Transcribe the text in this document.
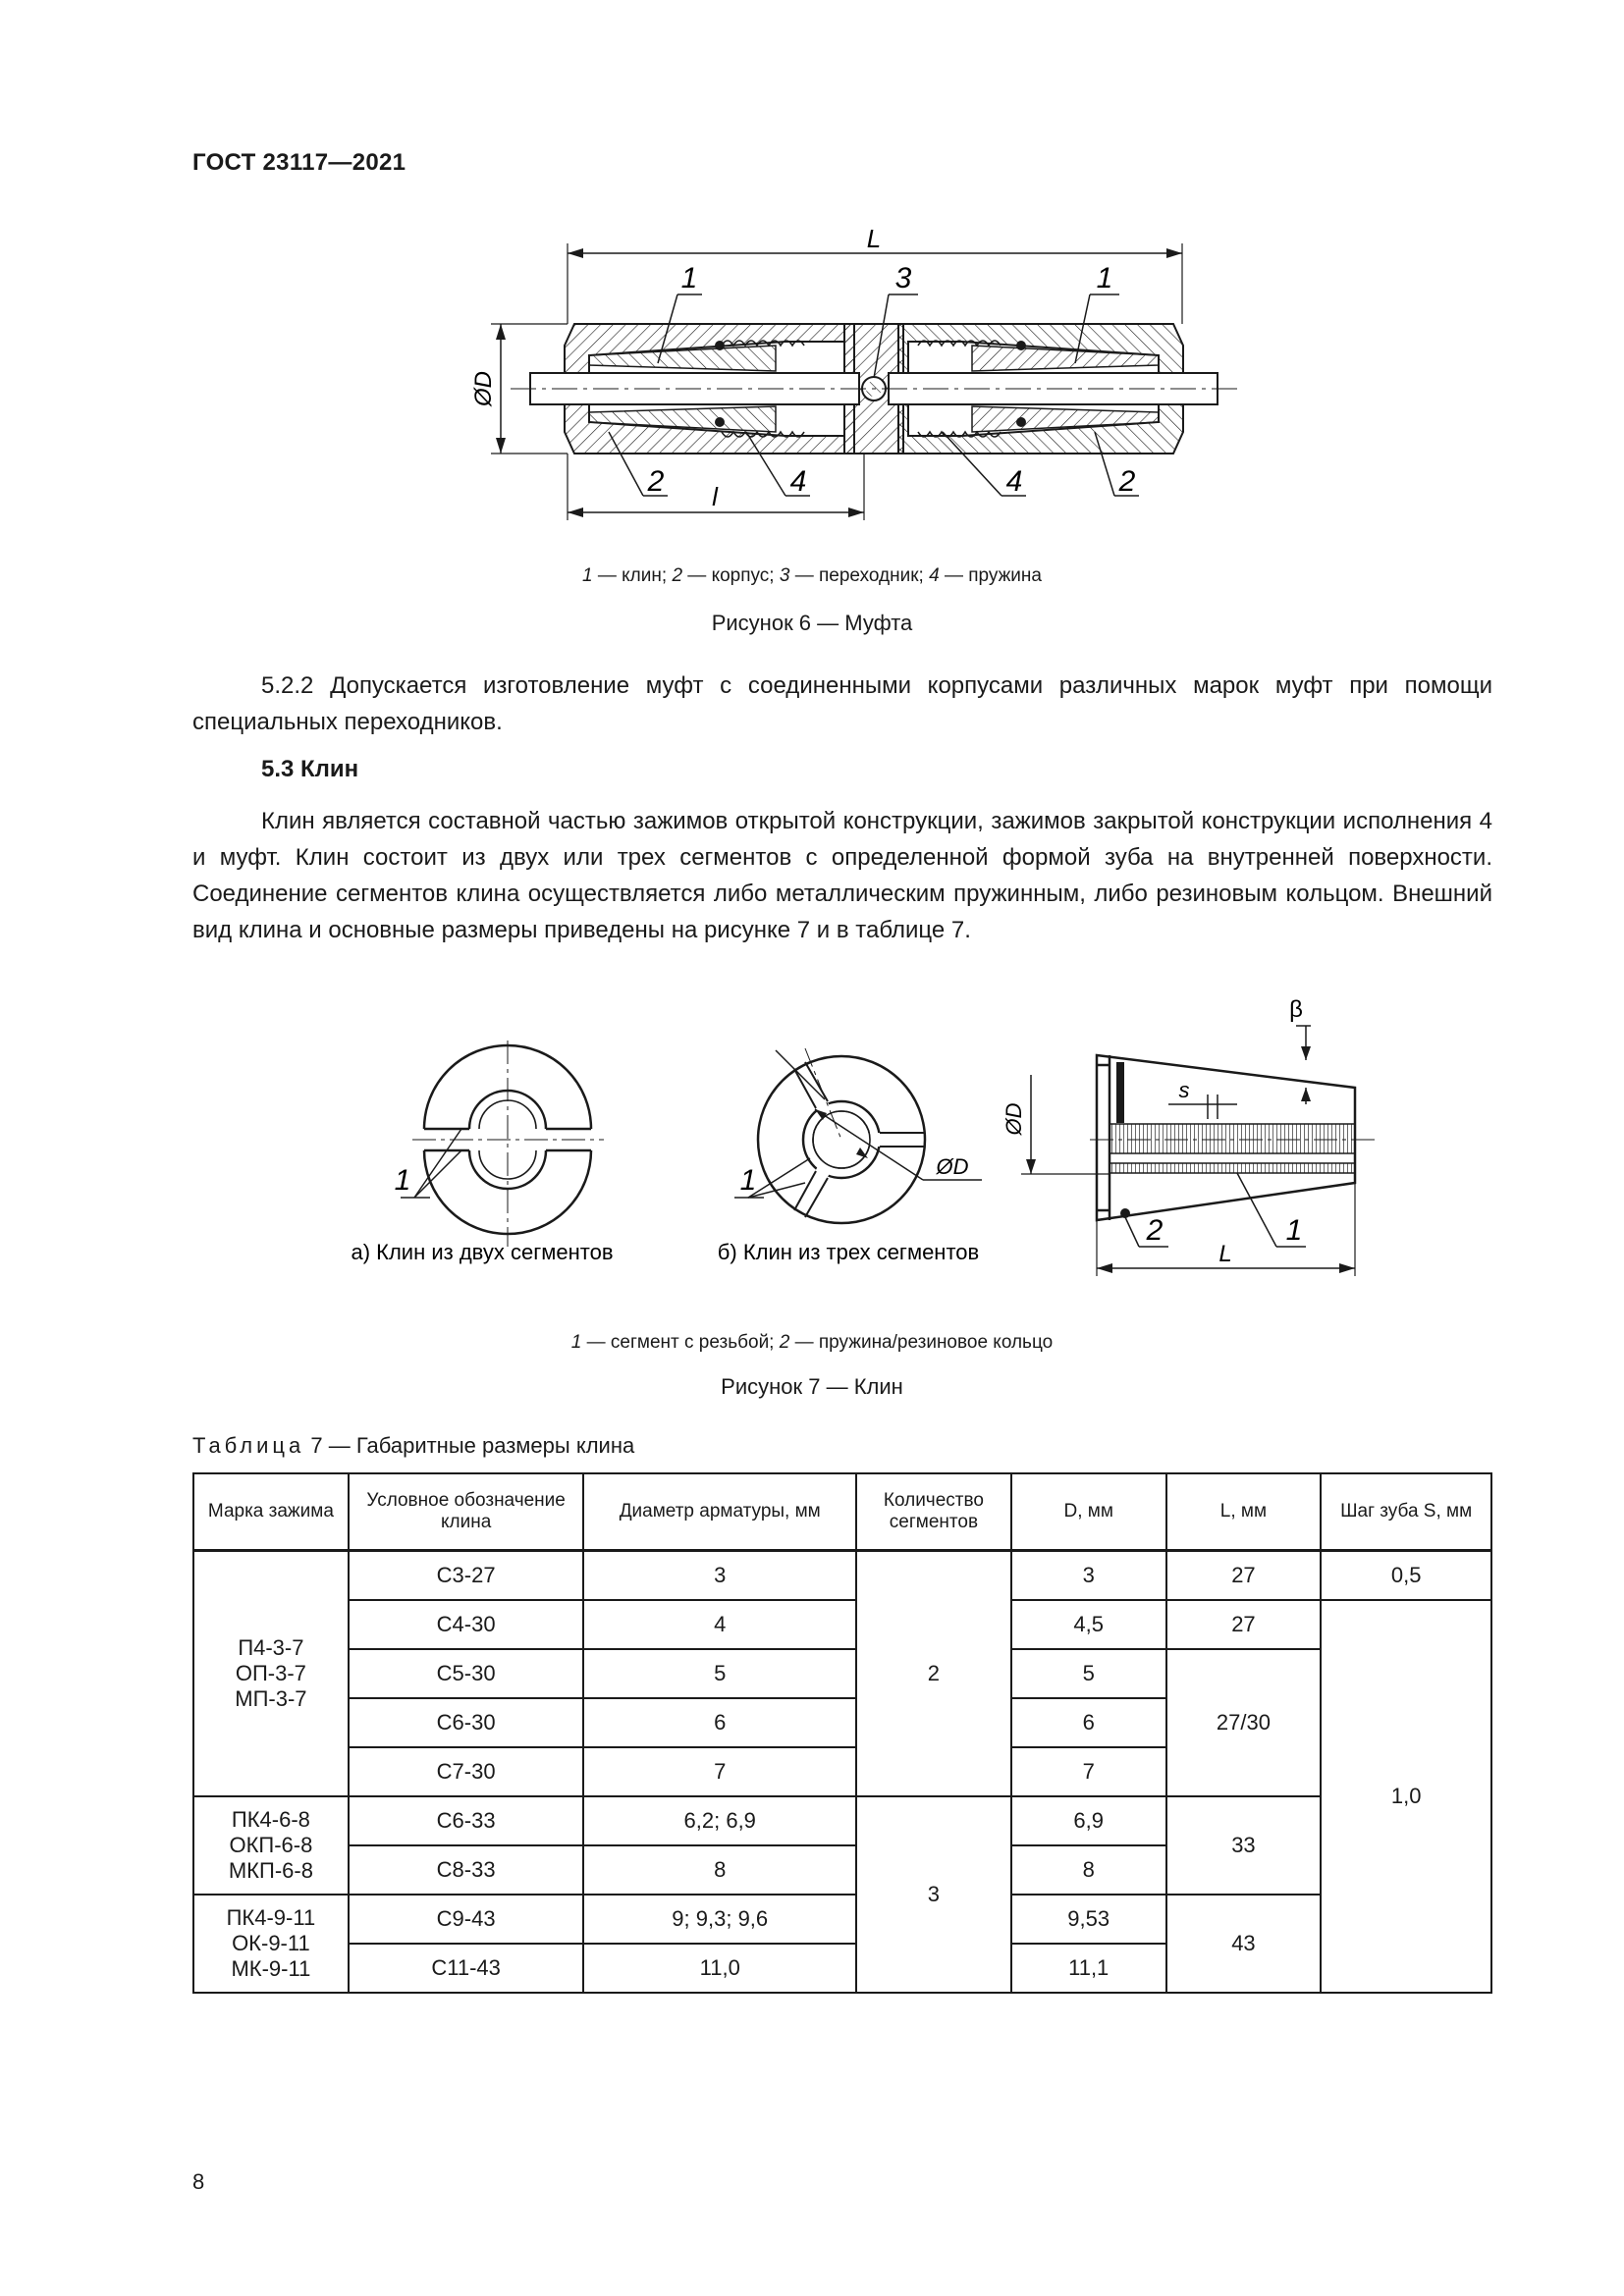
ГОСТ 23117—2021
L
ØD
l
1	3	1
2	4	4	2
1 — клин; 2 — корпус; 3 — переходник; 4 — пружина
Рисунок 6 — Муфта

5.2.2 Допускается изготовление муфт с соединенными корпусами различных марок муфт при помощи специальных переходников.

5.3 Клин

Клин является составной частью зажимов открытой конструкции, зажимов закрытой конструкции исполнения 4 и муфт. Клин состоит из двух или трех сегментов с определенной формой зуба на внутренней поверхности. Соединение сегментов клина осуществляется либо металлическим пружинным, либо резиновым кольцом. Внешний вид клина и основные размеры приведены на рисунке 7 и в таблице 7.

1
а) Клин из двух сегментов
ØD
1
б) Клин из трех сегментов
s
β
ØD
L
2	1
1 — сегмент с резьбой; 2 — пружина/резиновое кольцо
Рисунок 7 — Клин
Таблица 7 — Габаритные размеры клина
Марка зажима	Условное обозначение клина	Диаметр арматуры, мм	Количество сегментов	D, мм	L, мм	Шаг зуба S, мм

П4-3-7
ОП-3-7
МП-3-7	С3-27	3	2	3	27	0,5
	С4-30	4		4,5	27	1,0
	С5-30	5		5	27/30	
	С6-30	6		6		
	С7-30	7		7		

ПК4-6-8
ОКП-6-8
МКП-6-8	С6-33	6,2; 6,9	3	6,9	33	
	С8-33	8		8		

ПК4-9-11
ОК-9-11
МК-9-11	С9-43	9; 9,3; 9,6		9,53	43	
	С11-43	11,0		11,1		
8
